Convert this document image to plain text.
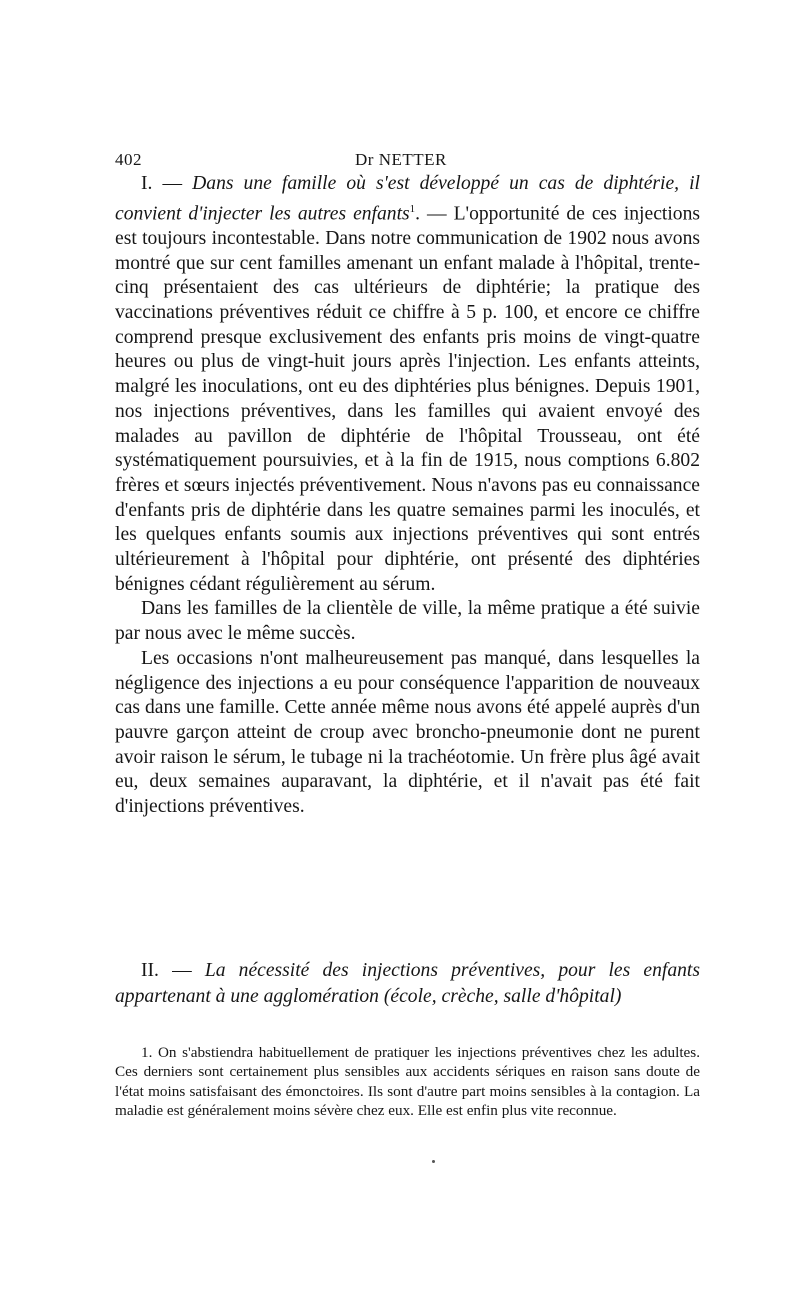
402	Dr NETTER

I. — Dans une famille où s'est développé un cas de diphtérie, il convient d'injecter les autres enfants$^1$. — L'opportunité de ces injections est toujours incontestable. Dans notre communication de 1902 nous avons montré que sur cent familles amenant un enfant malade à l'hôpital, trente-cinq présentaient des cas ultérieurs de diphtérie; la pratique des vaccinations préventives réduit ce chiffre à 5 p. 100, et encore ce chiffre comprend presque exclusivement des enfants pris moins de vingt-quatre heures ou plus de vingt-huit jours après l'injection. Les enfants atteints, malgré les inoculations, ont eu des diphtéries plus bénignes. Depuis 1901, nos injections préventives, dans les familles qui avaient envoyé des malades au pavillon de diphtérie de l'hôpital Trousseau, ont été systématiquement poursuivies, et à la fin de 1915, nous comptions 6.802 frères et sœurs injectés préventivement. Nous n'avons pas eu connaissance d'enfants pris de diphtérie dans les quatre semaines parmi les inoculés, et les quelques enfants soumis aux injections préventives qui sont entrés ultérieurement à l'hôpital pour diphtérie, ont présenté des diphtéries bénignes cédant régulièrement au sérum.

Dans les familles de la clientèle de ville, la même pratique a été suivie par nous avec le même succès.

Les occasions n'ont malheureusement pas manqué, dans lesquelles la négligence des injections a eu pour conséquence l'apparition de nouveaux cas dans une famille. Cette année même nous avons été appelé auprès d'un pauvre garçon atteint de croup avec broncho-pneumonie dont ne purent avoir raison le sérum, le tubage ni la trachéotomie. Un frère plus âgé avait eu, deux semaines auparavant, la diphtérie, et il n'avait pas été fait d'injections préventives.

II. — La nécessité des injections préventives, pour les enfants appartenant à une agglomération (école, crèche, salle d'hôpital)

1. On s'abstiendra habituellement de pratiquer les injections préventives chez les adultes. Ces derniers sont certainement plus sensibles aux accidents sériques en raison sans doute de l'état moins satisfaisant des émonctoires. Ils sont d'autre part moins sensibles à la contagion. La maladie est généralement moins sévère chez eux. Elle est enfin plus vite reconnue.
